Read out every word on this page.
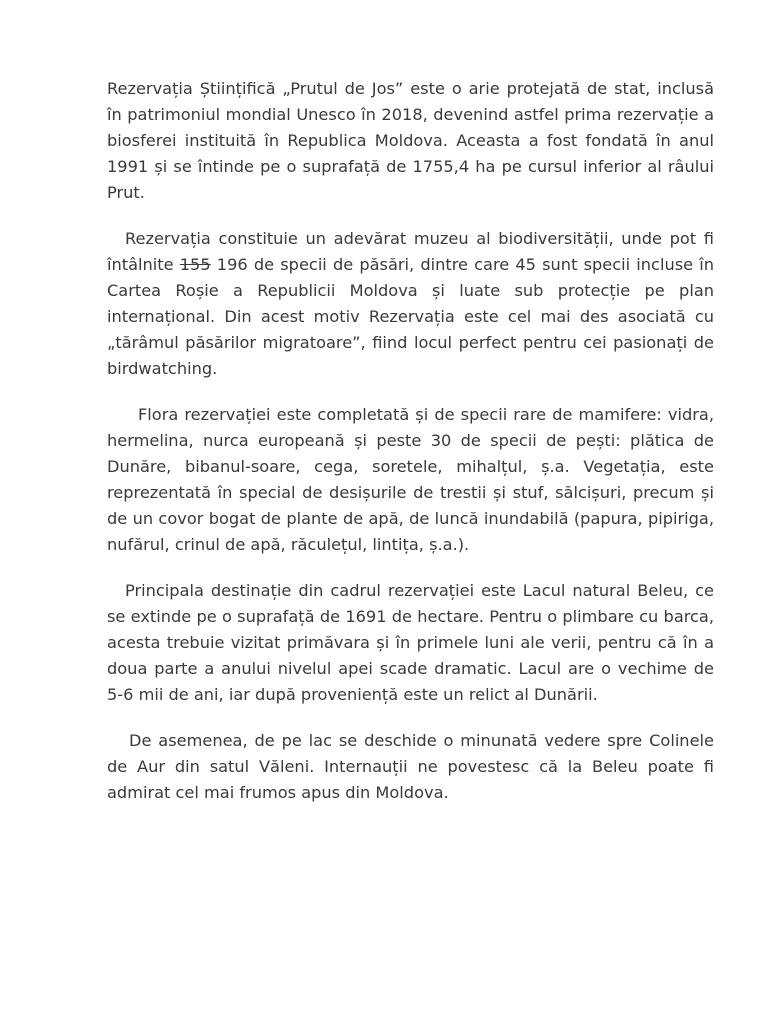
Rezervația Științifică „Prutul de Jos” este o arie protejată de stat, inclusă în patrimoniul mondial Unesco în 2018, devenind astfel prima rezervație a biosferei instituită în Republica Moldova. Aceasta a fost fondată în anul 1991 și se întinde pe o suprafață de 1755,4 ha pe cursul inferior al râului Prut.

Rezervația constituie un adevărat muzeu al biodiversității, unde pot fi întâlnite 155 196 de specii de păsări, dintre care 45 sunt specii incluse în Cartea Roșie a Republicii Moldova și luate sub protecție pe plan internațional. Din acest motiv Rezervația este cel mai des asociată cu „tărâmul păsărilor migratoare”, fiind locul perfect pentru cei pasionați de birdwatching.

Flora rezervației este completată și de specii rare de mamifere: vidra, hermelina, nurca europeană și peste 30 de specii de pești: plătica de Dunăre, bibanul-soare, cega, soretele, mihalțul, ș.a. Vegetația, este reprezentată în special de desișurile de trestii și stuf, sălcișuri, precum și de un covor bogat de plante de apă, de luncă inundabilă (papura, pipiriga, nufărul, crinul de apă, răculețul, lintița, ș.a.).

Principala destinație din cadrul rezervației este Lacul natural Beleu, ce se extinde pe o suprafață de 1691 de hectare. Pentru o plimbare cu barca, acesta trebuie vizitat primăvara și în primele luni ale verii, pentru că în a doua parte a anului nivelul apei scade dramatic. Lacul are o vechime de 5-6 mii de ani, iar după proveniență este un relict al Dunării.

De asemenea, de pe lac se deschide o minunată vedere spre Colinele de Aur din satul Văleni. Internauții ne povestesc că la Beleu poate fi admirat cel mai frumos apus din Moldova.
